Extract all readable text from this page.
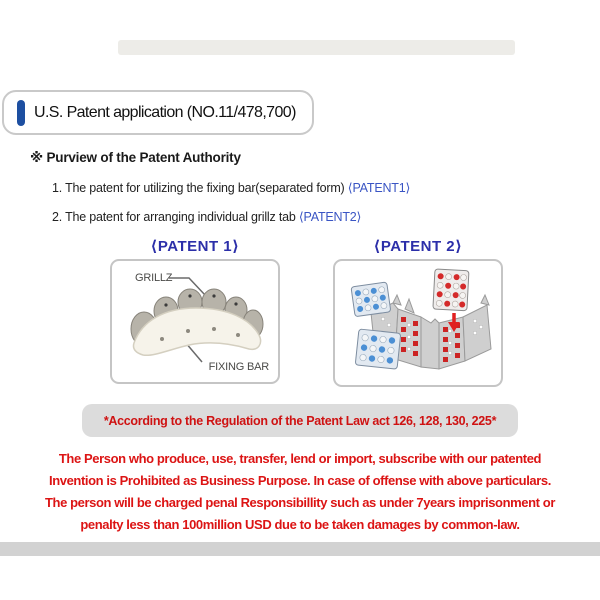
U.S. Patent application (NO.11/478,700)
※ Purview of the Patent Authority
1. The patent for utilizing the fixing bar(separated form) ⟨PATENT1⟩
2. The patent for arranging individual grillz tab ⟨PATENT2⟩
⟨PATENT 1⟩	⟨PATENT 2⟩
GRILLZ
FIXING BAR
*According to the Regulation of the Patent Law act 126, 128, 130, 225*
The Person who produce, use, transfer, lend or import, subscribe with our patented
Invention is Prohibited as Business Purpose. In case of offense with above particulars.
The person will be charged penal Responsibillity such as under 7years imprisonment or
penalty less than 100million USD due to be taken damages by common-law.
